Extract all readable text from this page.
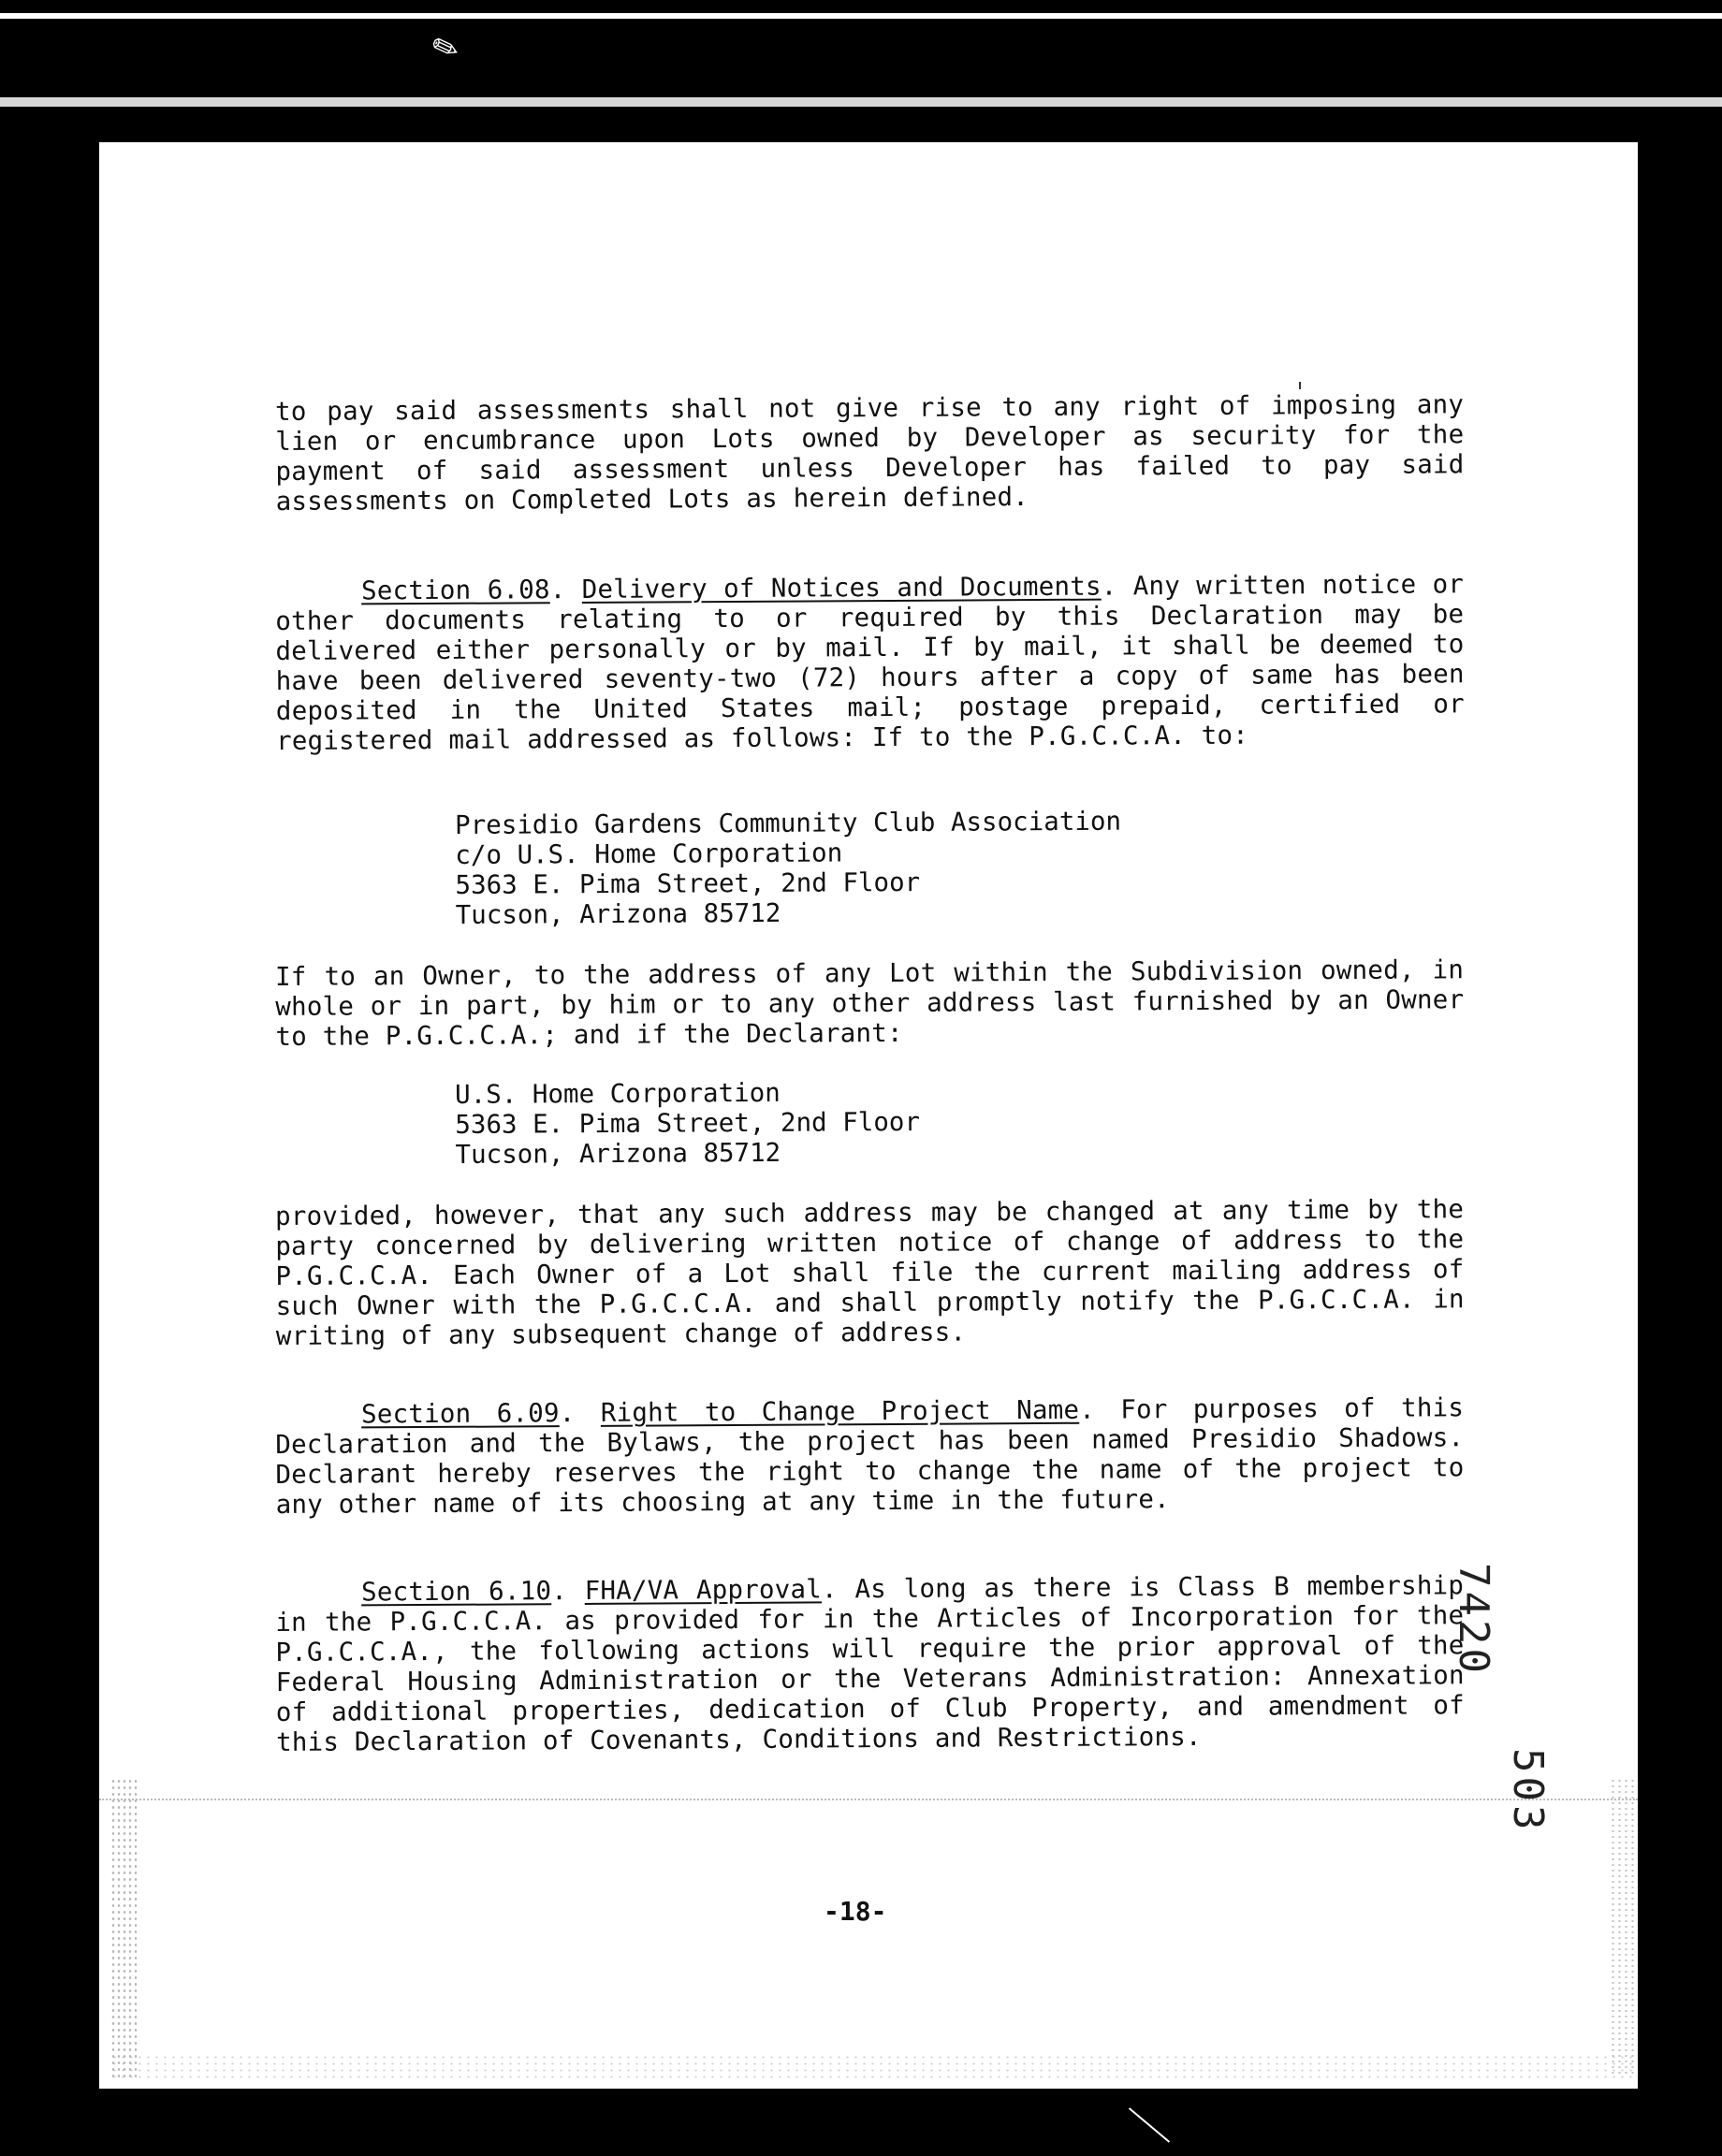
✎

to pay said assessments shall not give rise to any right of imposing any lien or encumbrance upon Lots owned by Developer as security for the payment of said assessment unless Developer has failed to pay said assessments on Completed Lots as herein defined.

Section 6.08. Delivery of Notices and Documents. Any written notice or other documents relating to or required by this Declaration may be delivered either personally or by mail. If by mail, it shall be deemed to have been delivered seventy-two (72) hours after a copy of same has been deposited in the United States mail; postage prepaid, certified or registered mail addressed as follows: If to the P.G.C.C.A. to:

Presidio Gardens Community Club Association
c/o U.S. Home Corporation
5363 E. Pima Street, 2nd Floor
Tucson, Arizona 85712

If to an Owner, to the address of any Lot within the Subdivision owned, in whole or in part, by him or to any other address last furnished by an Owner to the P.G.C.C.A.; and if the Declarant:

U.S. Home Corporation
5363 E. Pima Street, 2nd Floor
Tucson, Arizona 85712

provided, however, that any such address may be changed at any time by the party concerned by delivering written notice of change of address to the P.G.C.C.A. Each Owner of a Lot shall file the current mailing address of such Owner with the P.G.C.C.A. and shall promptly notify the P.G.C.C.A. in writing of any subsequent change of address.

Section 6.09. Right to Change Project Name. For purposes of this Declaration and the Bylaws, the project has been named Presidio Shadows. Declarant hereby reserves the right to change the name of the project to any other name of its choosing at any time in the future.

Section 6.10. FHA/VA Approval. As long as there is Class B membership in the P.G.C.C.A. as provided for in the Articles of Incorporation for the P.G.C.C.A., the following actions will require the prior approval of the Federal Housing Administration or the Veterans Administration: Annexation of additional properties, dedication of Club Property, and amendment of this Declaration of Covenants, Conditions and Restrictions.

7420
503
-18-
